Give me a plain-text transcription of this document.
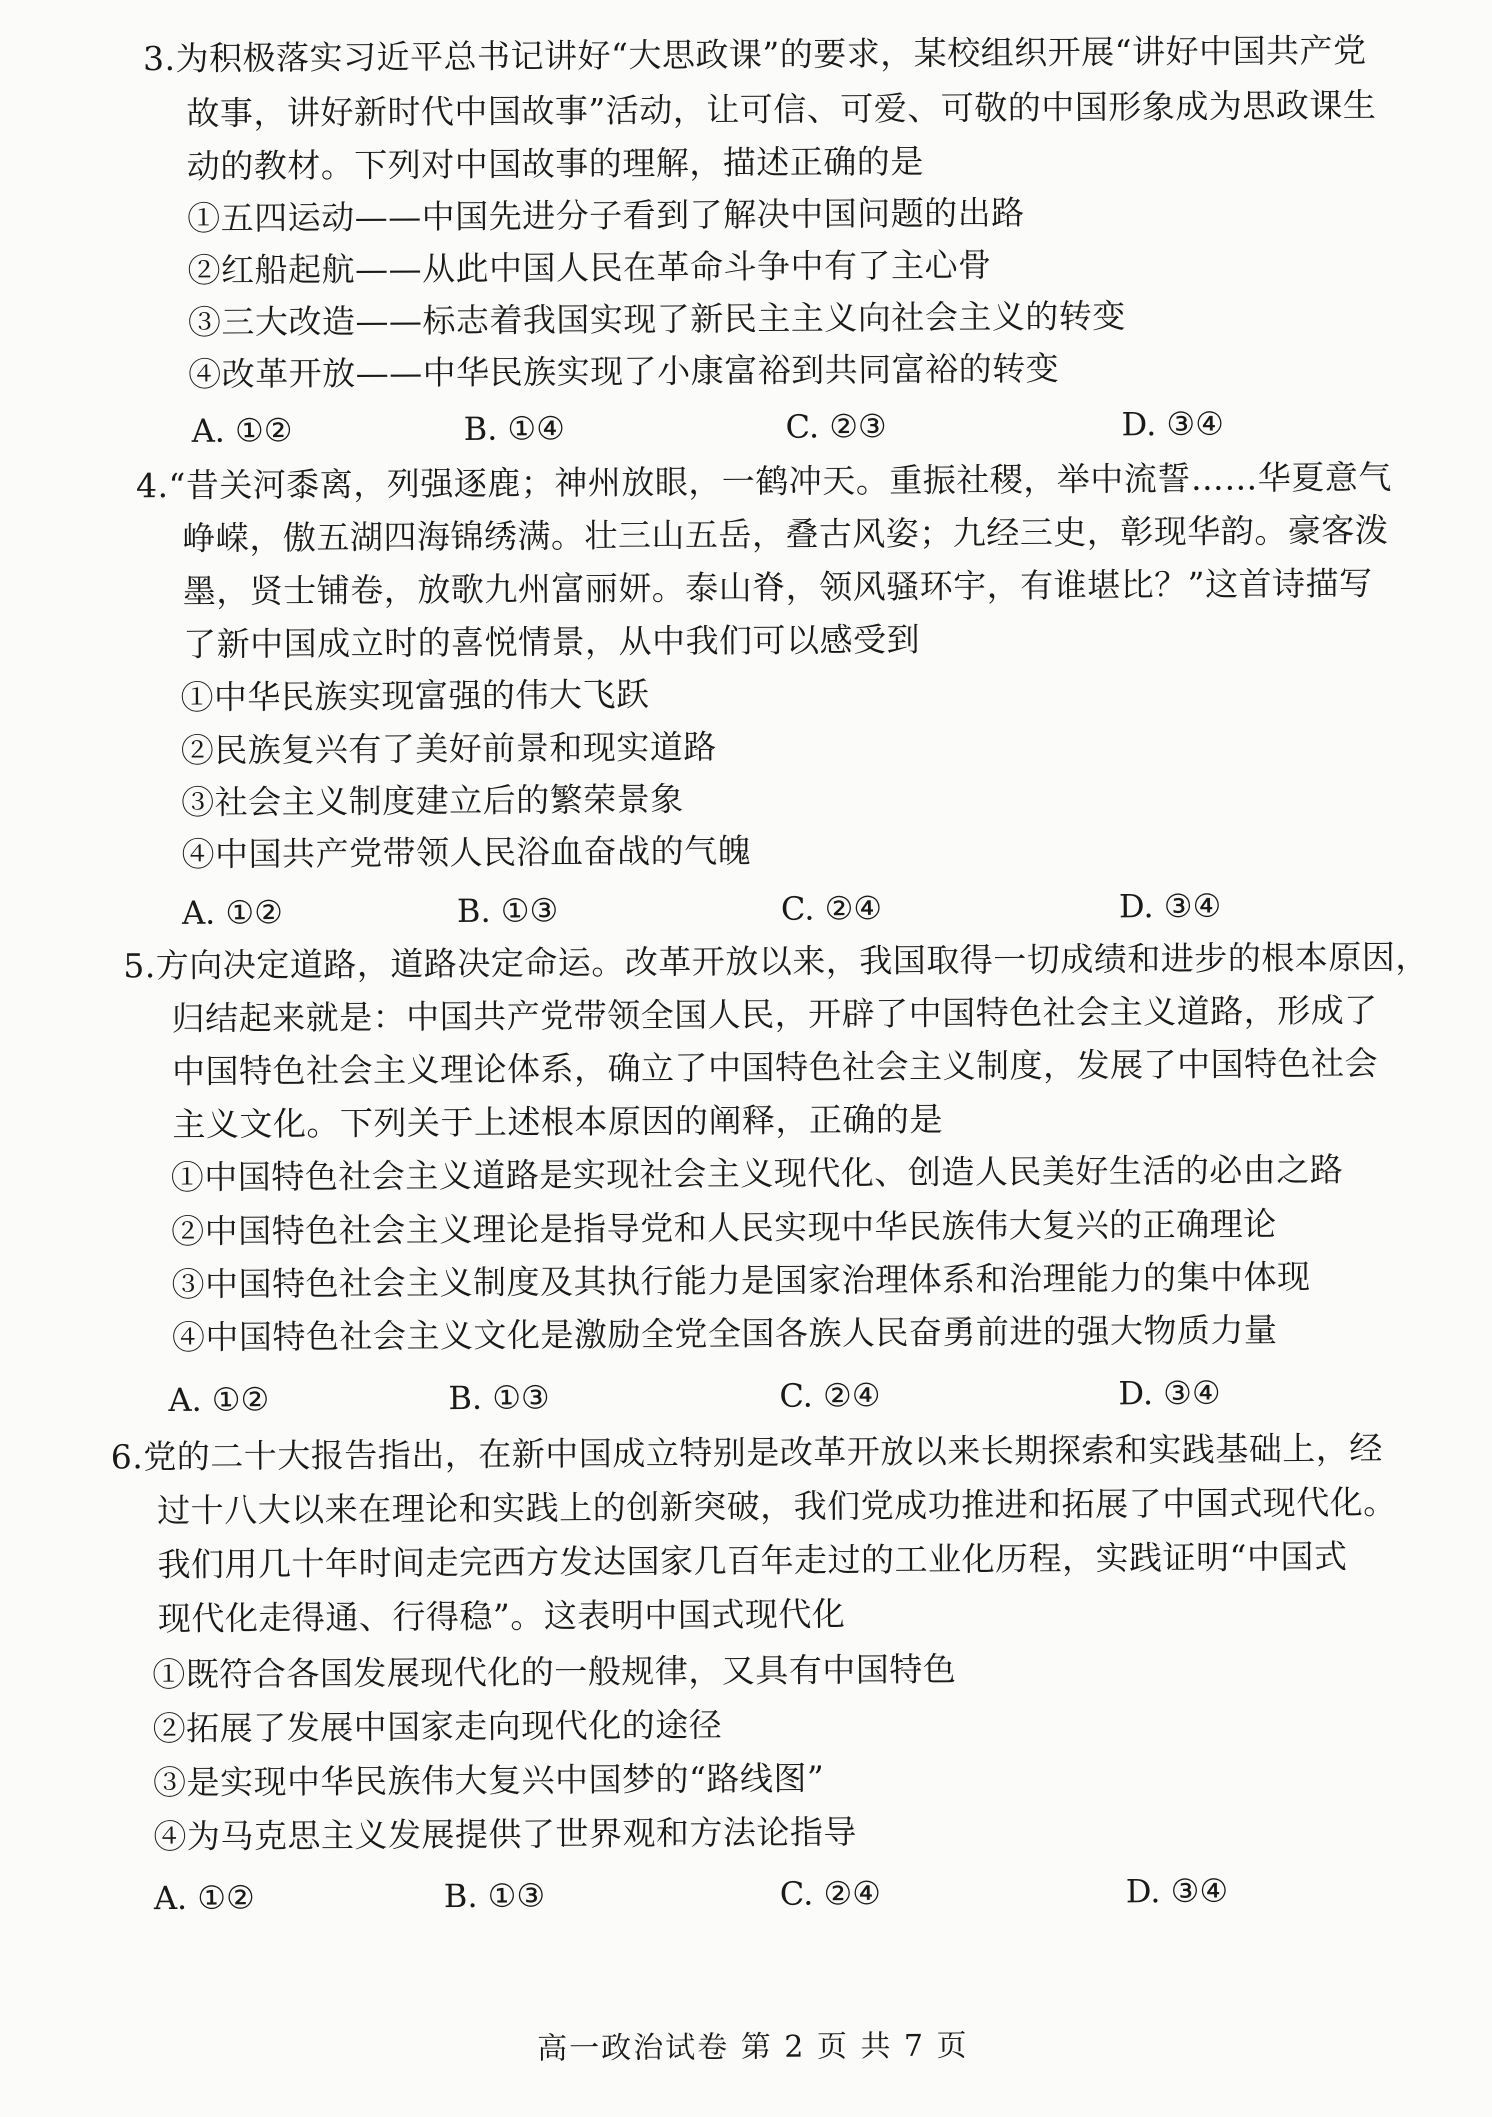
3.为积极落实习近平总书记讲好“大思政课”的要求，某校组织开展“讲好中国共产党
故事，讲好新时代中国故事”活动，让可信、可爱、可敬的中国形象成为思政课生
动的教材。下列对中国故事的理解，描述正确的是
①五四运动——中国先进分子看到了解决中国问题的出路
②红船起航——从此中国人民在革命斗争中有了主心骨
③三大改造——标志着我国实现了新民主主义向社会主义的转变
④改革开放——中华民族实现了小康富裕到共同富裕的转变
A. ①②	B. ①④	C. ②③	D. ③④
4.“昔关河黍离，列强逐鹿；神州放眼，一鹤冲天。重振社稷，举中流誓……华夏意气
峥嵘，傲五湖四海锦绣满。壮三山五岳，叠古风姿；九经三史，彰现华韵。豪客泼
墨，贤士铺卷，放歌九州富丽妍。泰山脊，领风骚环宇，有谁堪比？”这首诗描写
了新中国成立时的喜悦情景，从中我们可以感受到
①中华民族实现富强的伟大飞跃
②民族复兴有了美好前景和现实道路
③社会主义制度建立后的繁荣景象
④中国共产党带领人民浴血奋战的气魄
A. ①②	B. ①③	C. ②④	D. ③④
5.方向决定道路，道路决定命运。改革开放以来，我国取得一切成绩和进步的根本原因，
归结起来就是：中国共产党带领全国人民，开辟了中国特色社会主义道路，形成了
中国特色社会主义理论体系，确立了中国特色社会主义制度，发展了中国特色社会
主义文化。下列关于上述根本原因的阐释，正确的是
①中国特色社会主义道路是实现社会主义现代化、创造人民美好生活的必由之路
②中国特色社会主义理论是指导党和人民实现中华民族伟大复兴的正确理论
③中国特色社会主义制度及其执行能力是国家治理体系和治理能力的集中体现
④中国特色社会主义文化是激励全党全国各族人民奋勇前进的强大物质力量
A. ①②	B. ①③	C. ②④	D. ③④
6.党的二十大报告指出，在新中国成立特别是改革开放以来长期探索和实践基础上，经
过十八大以来在理论和实践上的创新突破，我们党成功推进和拓展了中国式现代化。
我们用几十年时间走完西方发达国家几百年走过的工业化历程，实践证明“中国式
现代化走得通、行得稳”。这表明中国式现代化
①既符合各国发展现代化的一般规律，又具有中国特色
②拓展了发展中国家走向现代化的途径
③是实现中华民族伟大复兴中国梦的“路线图”
④为马克思主义发展提供了世界观和方法论指导
A. ①②	B. ①③	C. ②④	D. ③④
高一政治试卷 第 2 页 共 7 页
